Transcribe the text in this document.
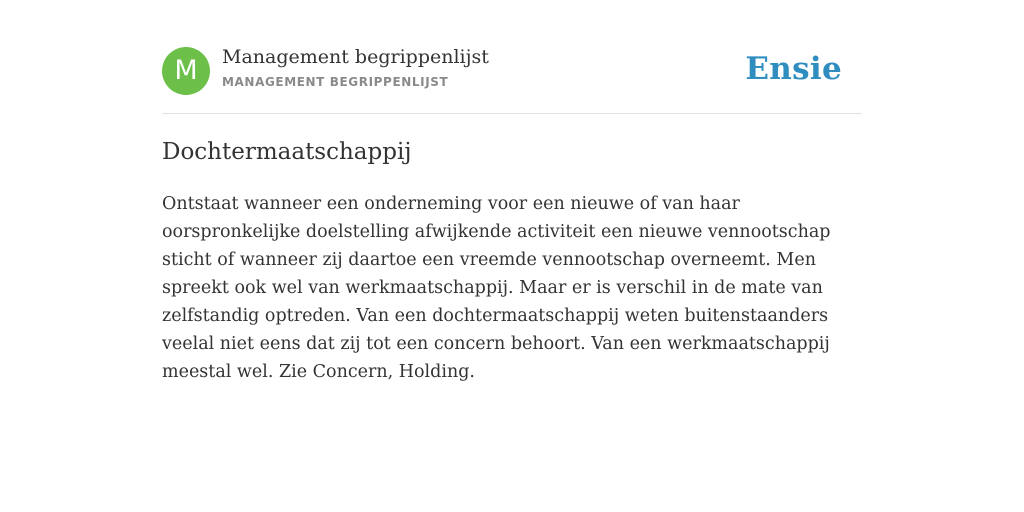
M	Management begrippenlijst
MANAGEMENT BEGRIPPENLIJST	Ensie
Dochtermaatschappij

Ontstaat wanneer een onderneming voor een nieuwe of van haar oorspronkelijke doelstelling afwijkende activiteit een nieuwe vennootschap sticht of wanneer zij daartoe een vreemde vennootschap overneemt. Men spreekt ook wel van werkmaatschappij. Maar er is verschil in de mate van zelfstandig optreden. Van een dochtermaatschappij weten buitenstaanders veelal niet eens dat zij tot een concern behoort. Van een werkmaatschappij meestal wel. Zie Concern, Holding.
